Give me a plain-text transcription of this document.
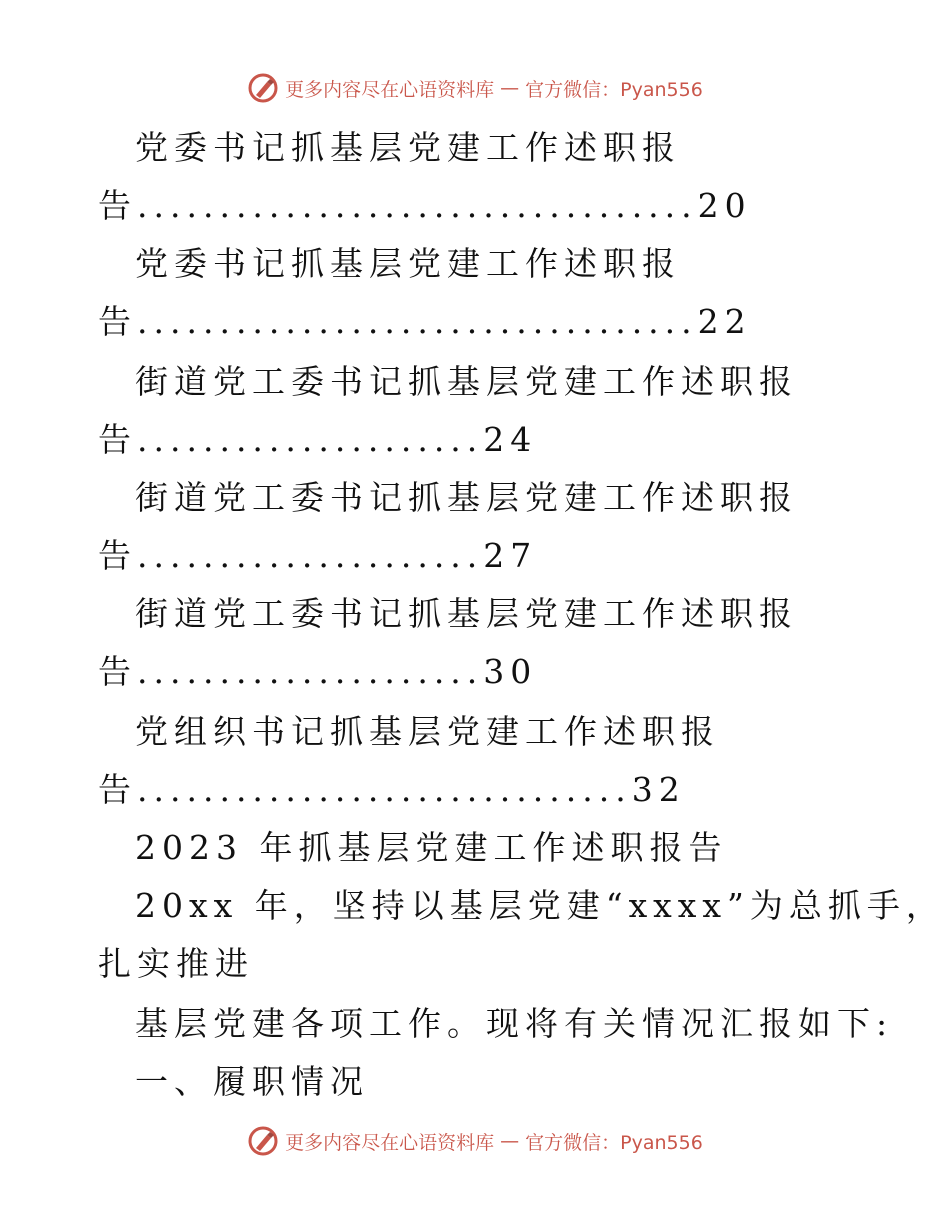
更多内容尽在心语资料库 — 官方微信：Pyan556
党委书记抓基层党建工作述职报
告..................................20
党委书记抓基层党建工作述职报
告..................................22
街道党工委书记抓基层党建工作述职报
告.....................24
街道党工委书记抓基层党建工作述职报
告.....................27
街道党工委书记抓基层党建工作述职报
告.....................30
党组织书记抓基层党建工作述职报
告..............................32
2023 年抓基层党建工作述职报告
20xx 年，坚持以基层党建“xxxx”为总抓手，
扎实推进
基层党建各项工作。现将有关情况汇报如下:
一、履职情况
更多内容尽在心语资料库 — 官方微信：Pyan556
